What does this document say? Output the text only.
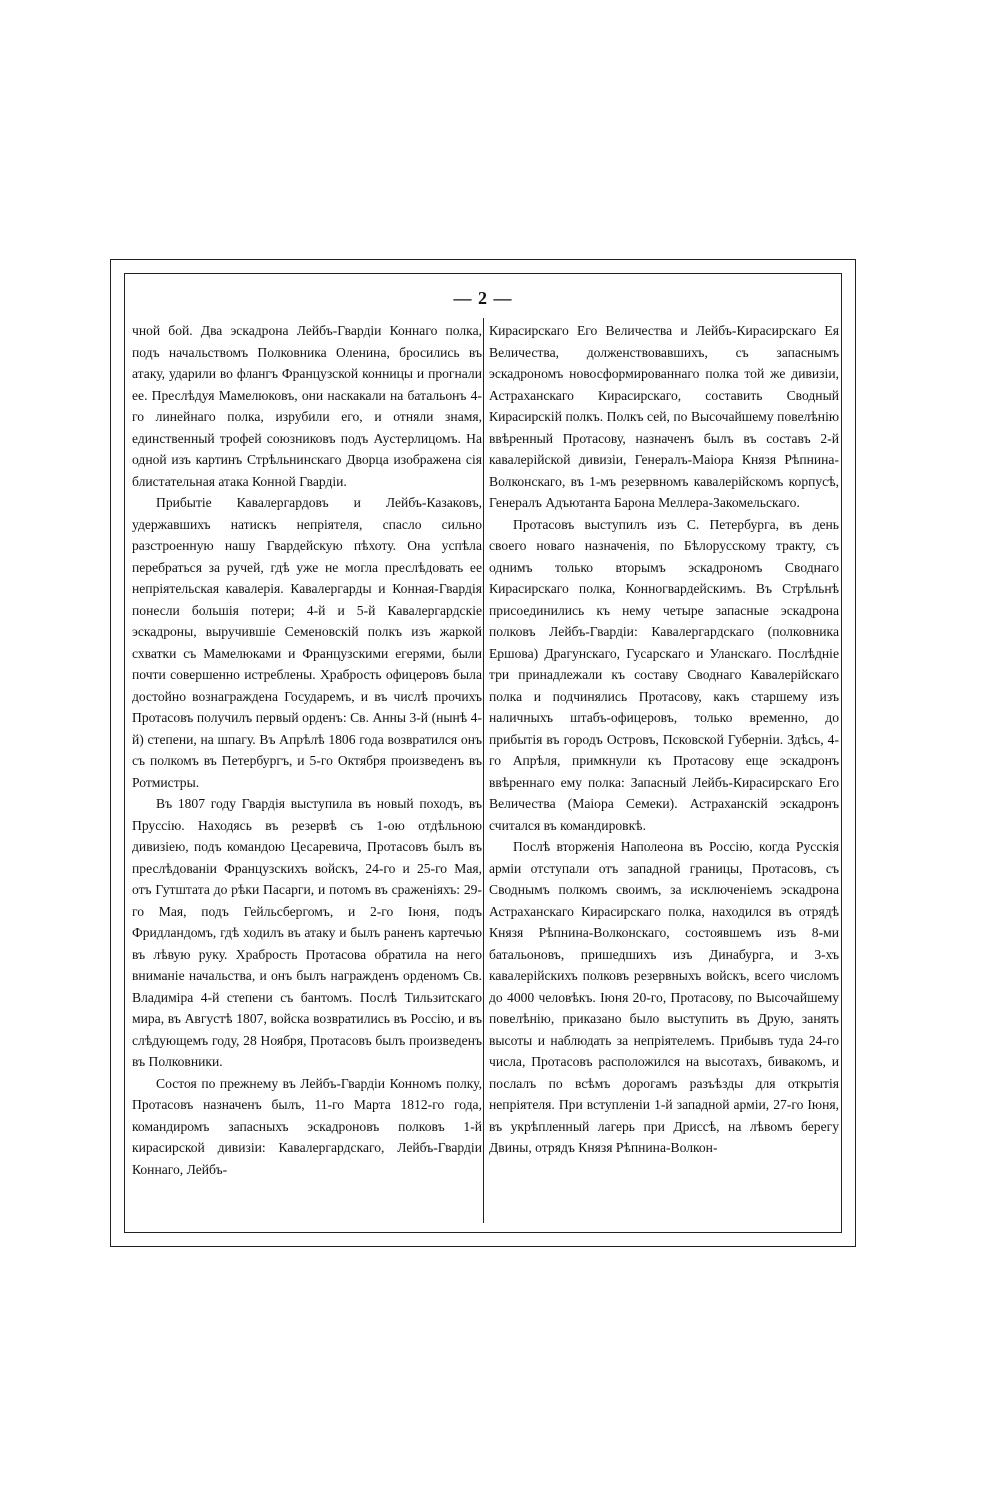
— 2 —

чной бой. Два эскадрона Лейбъ-Гвардіи Коннаго полка, подъ начальствомъ Полковника Оленина, бросились въ атаку, ударили во флангъ Французской конницы и прогнали ее. Преслѣдуя Мамелюковъ, они наскакали на батальонъ 4-го линейнаго полка, изрубили его, и отняли знамя, единственный трофей союзниковъ подъ Аустерлицомъ. На одной изъ картинъ Стрѣльнинскаго Дворца изображена сія блистательная атака Конной Гвардіи.

Прибытіе Кавалергардовъ и Лейбъ-Казаковъ, удержавшихъ натискъ непріятеля, спасло сильно разстроенную нашу Гвардейскую пѣхоту. Она успѣла перебраться за ручей, гдѣ уже не могла преслѣдовать ее непріятельская кавалерія. Кавалергарды и Конная-Гвардія понесли большія потери; 4-й и 5-й Кавалергардскіе эскадроны, выручившіе Семеновскій полкъ изъ жаркой схватки съ Мамелюками и Французскими егерями, были почти совершенно истреблены. Храбрость офицеровъ была достойно вознаграждена Государемъ, и въ числѣ прочихъ Протасовъ получилъ первый орденъ: Св. Анны 3-й (нынѣ 4-й) степени, на шпагу. Въ Апрѣлѣ 1806 года возвратился онъ съ полкомъ въ Петербургъ, и 5-го Октября произведенъ въ Ротмистры.

Въ 1807 году Гвардія выступила въ новый походъ, въ Пруссію. Находясь въ резервѣ съ 1-ою отдѣльною дивизіею, подъ командою Цесаревича, Протасовъ былъ въ преслѣдованіи Французскихъ войскъ, 24-го и 25-го Мая, отъ Гутштата до рѣки Пасарги, и потомъ въ сраженіяхъ: 29-го Мая, подъ Гейльсбергомъ, и 2-го Іюня, подъ Фридландомъ, гдѣ ходилъ въ атаку и былъ раненъ картечью въ лѣвую руку. Храбрость Протасова обратила на него вниманіе начальства, и онъ былъ награжденъ орденомъ Св. Владиміра 4-й степени съ бантомъ. Послѣ Тильзитскаго мира, въ Августѣ 1807, войска возвратились въ Россію, и въ слѣдующемъ году, 28 Ноября, Протасовъ былъ произведенъ въ Полковники.

Состоя по прежнему въ Лейбъ-Гвардіи Конномъ полку, Протасовъ назначенъ былъ, 11-го Марта 1812-го года, командиромъ запасныхъ эскадроновъ полковъ 1-й кирасирской дивизіи: Кавалергардскаго, Лейбъ-Гвардіи Коннаго, Лейбъ-

Кирасирскаго Его Величества и Лейбъ-Кирасирскаго Ея Величества, долженствовавшихъ, съ запаснымъ эскадрономъ новосформированнаго полка той же дивизіи, Астраханскаго Кирасирскаго, составить Сводный Кирасирскій полкъ. Полкъ сей, по Высочайшему повелѣнію ввѣренный Протасову, назначенъ былъ въ составъ 2-й кавалерійской дивизіи, Генералъ-Маіора Князя Рѣпнина-Волконскаго, въ 1-мъ резервномъ кавалерійскомъ корпусѣ, Генералъ Адъютанта Барона Меллера-Закомельскаго.

Протасовъ выступилъ изъ С. Петербурга, въ день своего новаго назначенія, по Бѣлорусскому тракту, съ однимъ только вторымъ эскадрономъ Своднаго Кирасирскаго полка, Конногвардейскимъ. Въ Стрѣльнѣ присоединились къ нему четыре запасные эскадрона полковъ Лейбъ-Гвардіи: Кавалергардскаго (полковника Ершова) Драгунскаго, Гусарскаго и Уланскаго. Послѣдніе три принадлежали къ составу Своднаго Кавалерійскаго полка и подчинялись Протасову, какъ старшему изъ наличныхъ штабъ-офицеровъ, только временно, до прибытія въ городъ Островъ, Псковской Губерніи. Здѣсь, 4-го Апрѣля, примкнули къ Протасову еще эскадронъ ввѣреннаго ему полка: Запасный Лейбъ-Кирасирскаго Его Величества (Маіора Семеки). Астраханскій эскадронъ считался въ командировкѣ.

Послѣ вторженія Наполеона въ Россію, когда Русскія арміи отступали отъ западной границы, Протасовъ, съ Своднымъ полкомъ своимъ, за исключеніемъ эскадрона Астраханскаго Кирасирскаго полка, находился въ отрядѣ Князя Рѣпнина-Волконскаго, состоявшемъ изъ 8-ми батальоновъ, пришедшихъ изъ Динабурга, и 3-хъ кавалерійскихъ полковъ резервныхъ войскъ, всего числомъ до 4000 человѣкъ. Іюня 20-го, Протасову, по Высочайшему повелѣнію, приказано было выступить въ Друю, занять высоты и наблюдать за непріятелемъ. Прибывъ туда 24-го числа, Протасовъ расположился на высотахъ, бивакомъ, и послалъ по всѣмъ дорогамъ разъѣзды для открытія непріятеля. При вступленіи 1-й западной арміи, 27-го Іюня, въ укрѣпленный лагерь при Дриссѣ, на лѣвомъ берегу Двины, отрядъ Князя Рѣпнина-Волкон-
